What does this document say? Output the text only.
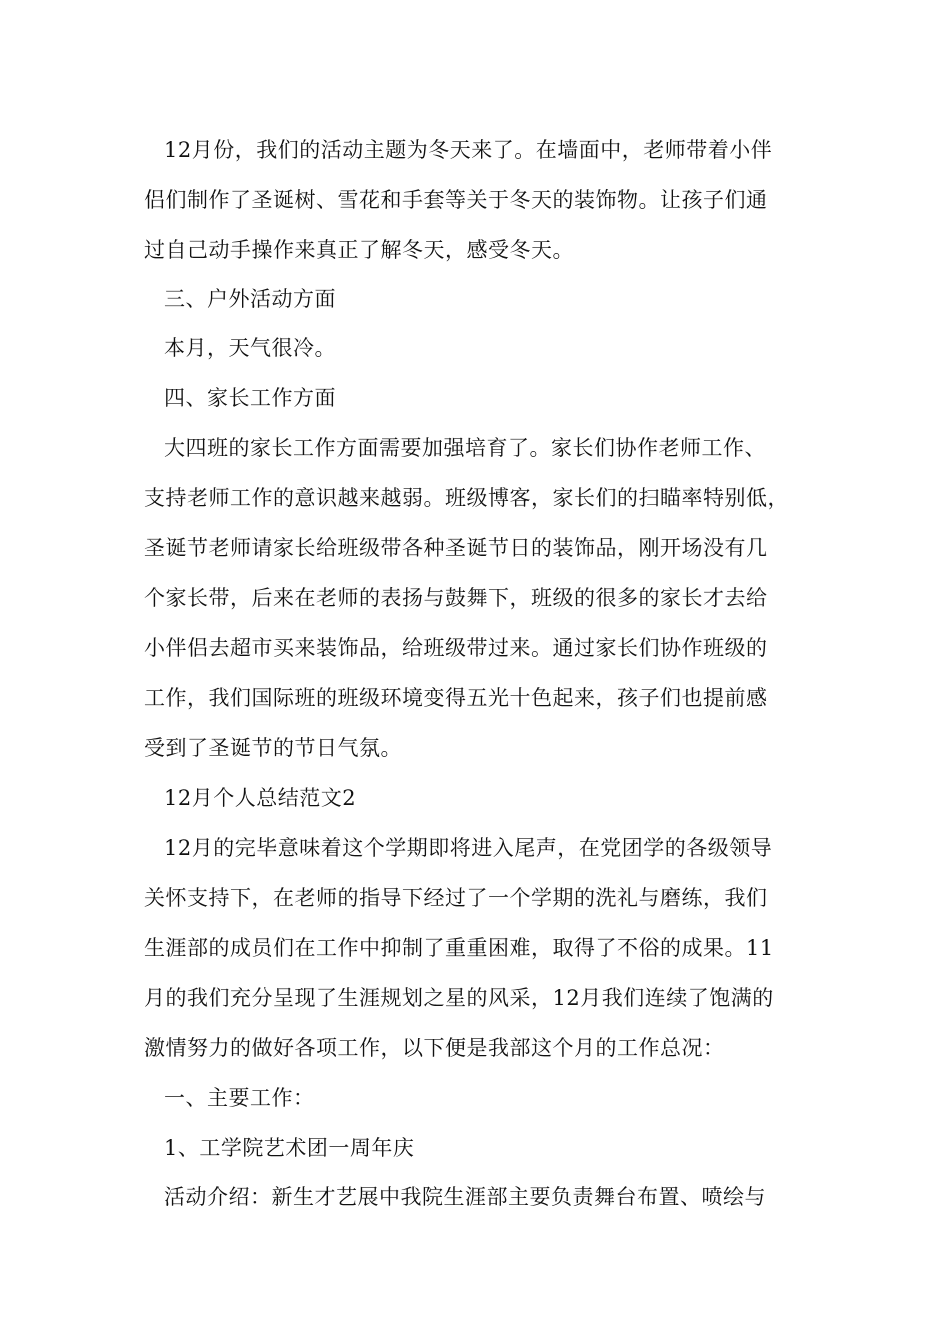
12月份，我们的活动主题为冬天来了。在墙面中，老师带着小伴
侣们制作了圣诞树、雪花和手套等关于冬天的装饰物。让孩子们通
过自己动手操作来真正了解冬天，感受冬天。
三、户外活动方面
本月，天气很冷。
四、家长工作方面
大四班的家长工作方面需要加强培育了。家长们协作老师工作、
支持老师工作的意识越来越弱。班级博客，家长们的扫瞄率特别低，
圣诞节老师请家长给班级带各种圣诞节日的装饰品，刚开场没有几
个家长带，后来在老师的表扬与鼓舞下，班级的很多的家长才去给
小伴侣去超市买来装饰品，给班级带过来。通过家长们协作班级的
工作，我们国际班的班级环境变得五光十色起来，孩子们也提前感
受到了圣诞节的节日气氛。
12月个人总结范文2
12月的完毕意味着这个学期即将进入尾声，在党团学的各级领导
关怀支持下，在老师的指导下经过了一个学期的洗礼与磨练，我们
生涯部的成员们在工作中抑制了重重困难，取得了不俗的成果。11
月的我们充分呈现了生涯规划之星的风采，12月我们连续了饱满的
激情努力的做好各项工作，以下便是我部这个月的工作总况：
一、主要工作：
1、工学院艺术团一周年庆
活动介绍：新生才艺展中我院生涯部主要负责舞台布置、喷绘与
